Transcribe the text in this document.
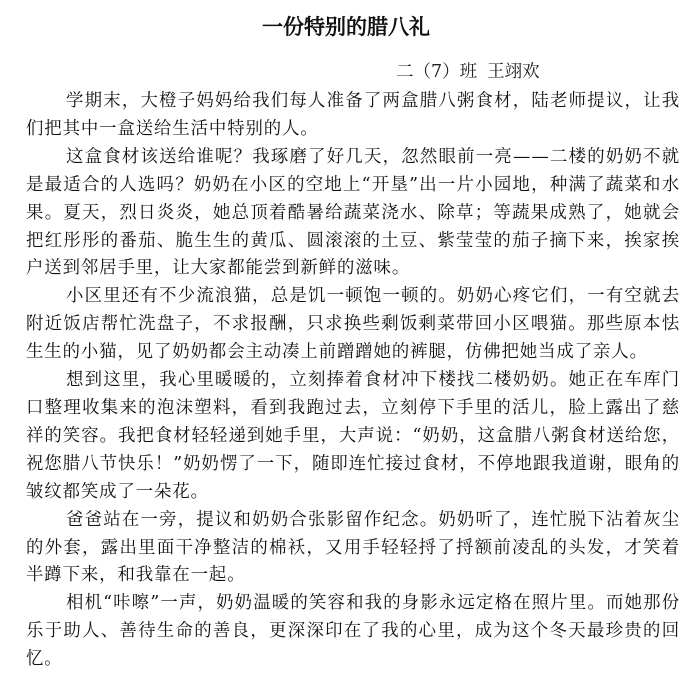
一份特别的腊八礼
二（7）班 王翊欢

学期末，大橙子妈妈给我们每人准备了两盒腊八粥食材，陆老师提议，让我们把其中一盒送给生活中特别的人。

这盒食材该送给谁呢？我琢磨了好几天，忽然眼前一亮——二楼的奶奶不就是最适合的人选吗？奶奶在小区的空地上“开垦”出一片小园地，种满了蔬菜和水果。夏天，烈日炎炎，她总顶着酷暑给蔬菜浇水、除草；等蔬果成熟了，她就会把红彤彤的番茄、脆生生的黄瓜、圆滚滚的土豆、紫莹莹的茄子摘下来，挨家挨户送到邻居手里，让大家都能尝到新鲜的滋味。

小区里还有不少流浪猫，总是饥一顿饱一顿的。奶奶心疼它们，一有空就去附近饭店帮忙洗盘子，不求报酬，只求换些剩饭剩菜带回小区喂猫。那些原本怯生生的小猫，见了奶奶都会主动凑上前蹭蹭她的裤腿，仿佛把她当成了亲人。

想到这里，我心里暖暖的，立刻捧着食材冲下楼找二楼奶奶。她正在车库门口整理收集来的泡沫塑料，看到我跑过去，立刻停下手里的活儿，脸上露出了慈祥的笑容。我把食材轻轻递到她手里，大声说：“奶奶，这盒腊八粥食材送给您，祝您腊八节快乐！”奶奶愣了一下，随即连忙接过食材，不停地跟我道谢，眼角的皱纹都笑成了一朵花。

爸爸站在一旁，提议和奶奶合张影留作纪念。奶奶听了，连忙脱下沾着灰尘的外套，露出里面干净整洁的棉袄，又用手轻轻捋了捋额前凌乱的头发，才笑着半蹲下来，和我靠在一起。

相机“咔嚓”一声，奶奶温暖的笑容和我的身影永远定格在照片里。而她那份乐于助人、善待生命的善良，更深深印在了我的心里，成为这个冬天最珍贵的回忆。
